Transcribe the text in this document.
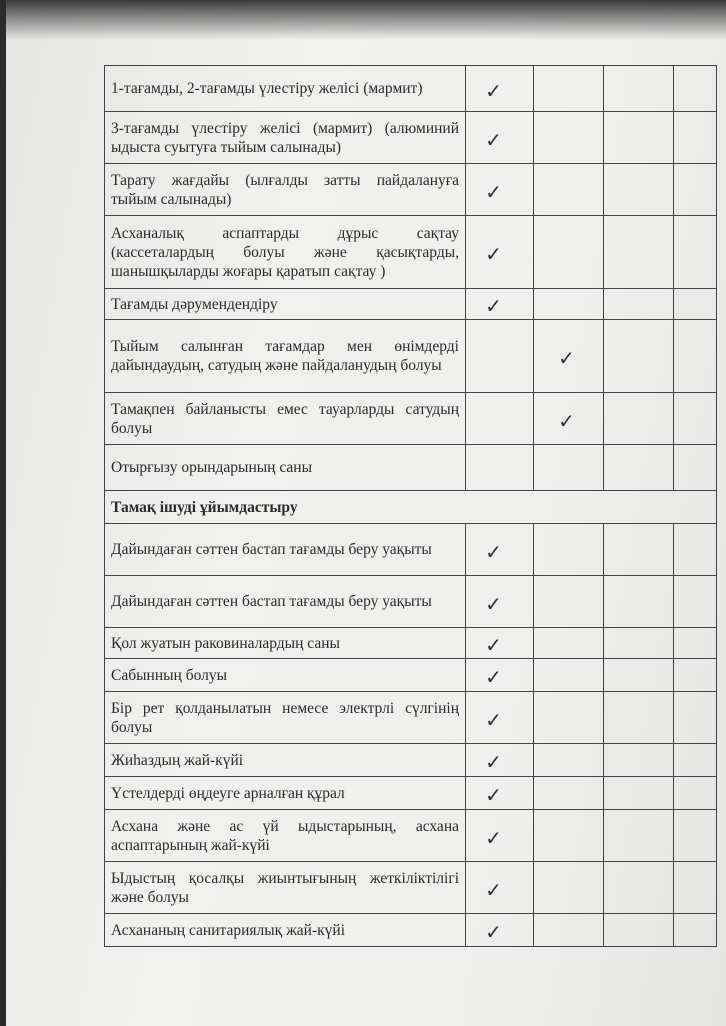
1-тағамды, 2-тағамды үлестіру желісі (мармит)	✓			

3-тағамды үлестіру желісі (мармит) (алюминий ыдыста суытуға тыйым салынады)	✓			

Тарату жағдайы (ылғалды затты пайдалануға тыйым салынады)	✓			

Асханалық аспаптарды дұрыс сақтау (кассеталардың болуы және қасықтарды, шанышқыларды жоғары қаратып сақтау )	✓			

Тағамды дәрумендендіру	✓			

Тыйым салынған тағамдар мен өнімдерді дайындаудың, сатудың және пайдаланудың болуы		✓		

Тамақпен байланысты емес тауарларды сатудың болуы		✓		

Отырғызу орындарының саны				
Тамақ ішуді ұйымдастыру				
Дайындаған сәттен бастап тағамды беру уақыты	✓			

Дайындаған сәттен бастап тағамды беру уақыты	✓			

Қол жуатын раковиналардың саны	✓			

Сабынның болуы	✓			

Бір рет қолданылатын немесе электрлі сүлгінің болуы	✓			

Жиһаздың жай-күйі	✓			

Үстелдерді өңдеуге арналған құрал	✓			

Асхана және ас үй ыдыстарының, асхана аспаптарының жай-күйі	✓			

Ыдыстың қосалқы жиынтығының жеткіліктілігі және болуы	✓			

Асхананың санитариялық жай-күйі	✓			
